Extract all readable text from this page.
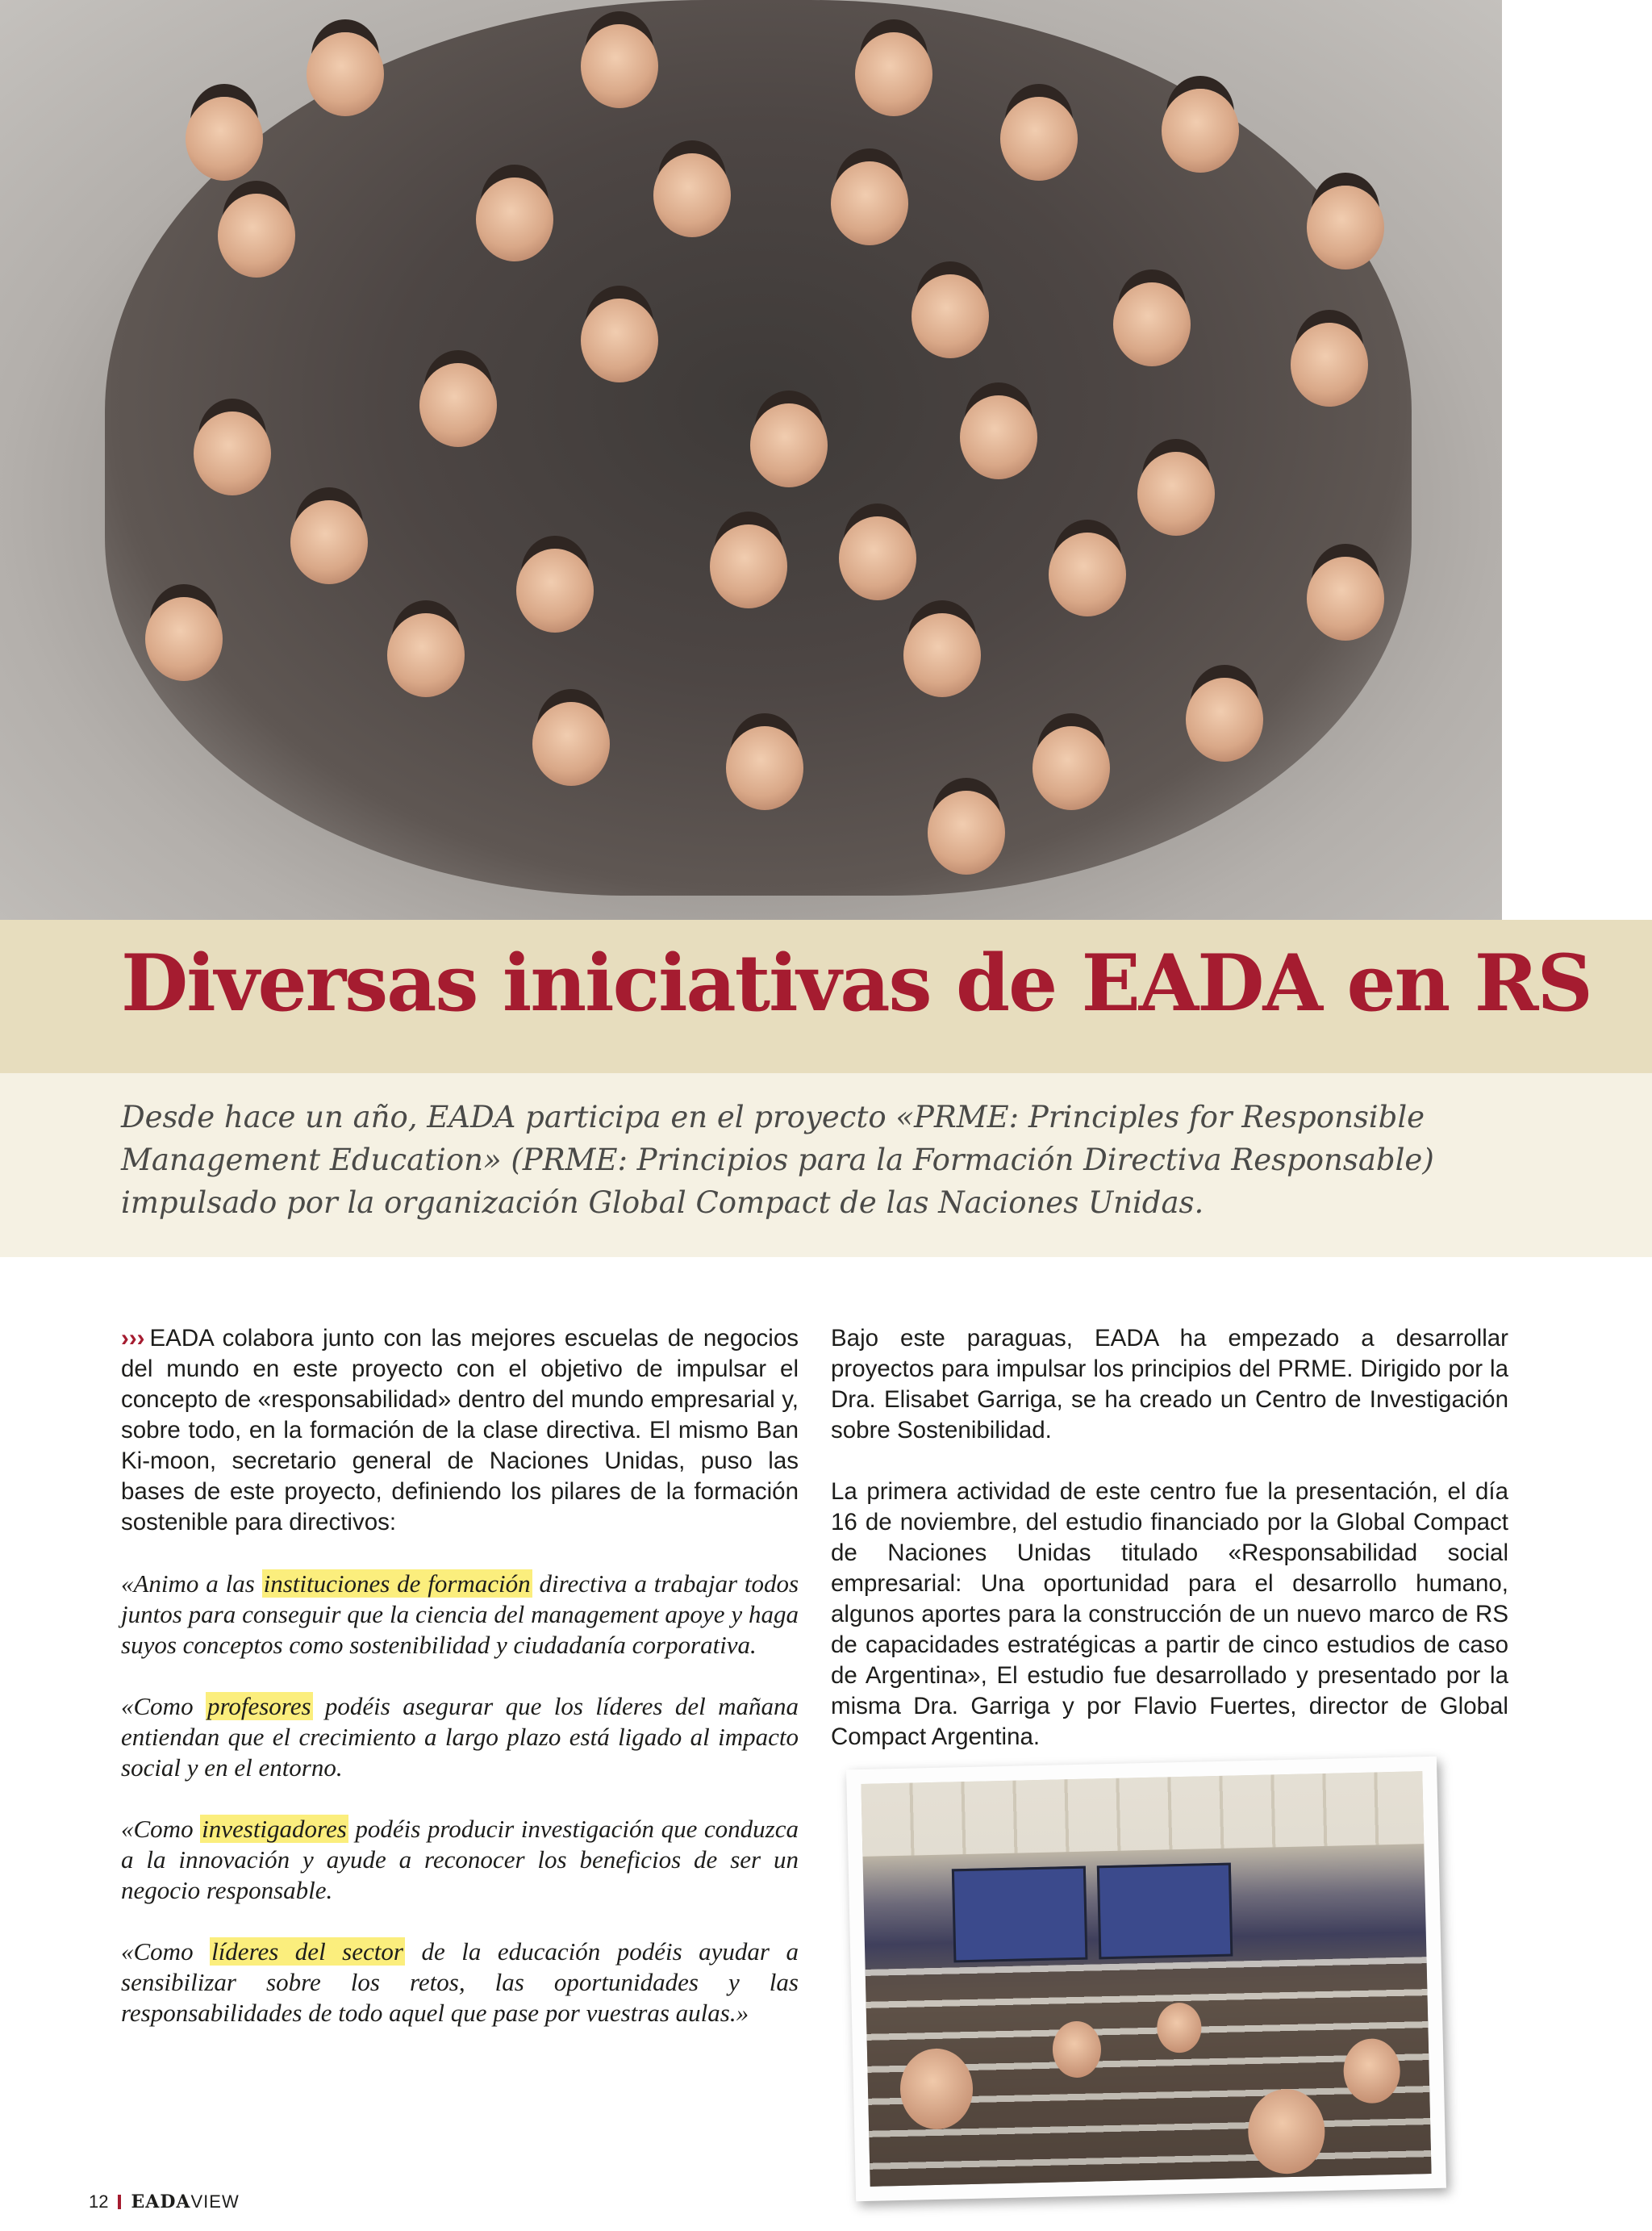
Diversas iniciativas de EADA en RS

Desde hace un año, EADA participa en el proyecto «PRME: Principles for Responsible Management Education» (PRME: Principios para la Formación Directiva Responsable) impulsado por la organización Global Compact de las Naciones Unidas.

››› EADA colabora junto con las mejores escuelas de negocios del mundo en este proyecto con el objetivo de impulsar el concepto de «responsabilidad» dentro del mundo empresarial y, sobre todo, en la formación de la clase directiva. El mismo Ban Ki-moon, secretario general de Naciones Unidas, puso las bases de este proyecto, definiendo los pilares de la formación sostenible para directivos:

«Animo a las instituciones de formación directiva a trabajar todos juntos para conseguir que la ciencia del management apoye y haga suyos conceptos como sostenibilidad y ciudadanía corporativa.

«Como profesores podéis asegurar que los líderes del mañana entiendan que el crecimiento a largo plazo está ligado al impacto social y en el entorno.

«Como investigadores podéis producir investigación que conduzca a la innovación y ayude a reconocer los beneficios de ser un negocio responsable.

«Como líderes del sector de la educación podéis ayudar a sensibilizar sobre los retos, las oportunidades y las responsabilidades de todo aquel que pase por vuestras aulas.»

Bajo este paraguas, EADA ha empezado a desarrollar proyectos para impulsar los principios del PRME. Dirigido por la Dra. Elisabet Garriga, se ha creado un Centro de Investigación sobre Sostenibilidad.

La primera actividad de este centro fue la presentación, el día 16 de noviembre, del estudio financiado por la Global Compact de Naciones Unidas titulado «Responsabilidad social empresarial: Una oportunidad para el desarrollo humano, algunos aportes para la construcción de un nuevo marco de RS de capacidades estratégicas a partir de cinco estudios de caso de Argentina», El estudio fue desarrollado y presentado por la misma Dra. Garriga y por Flavio Fuertes, director de Global Compact Argentina.

12 EADAVIEW
